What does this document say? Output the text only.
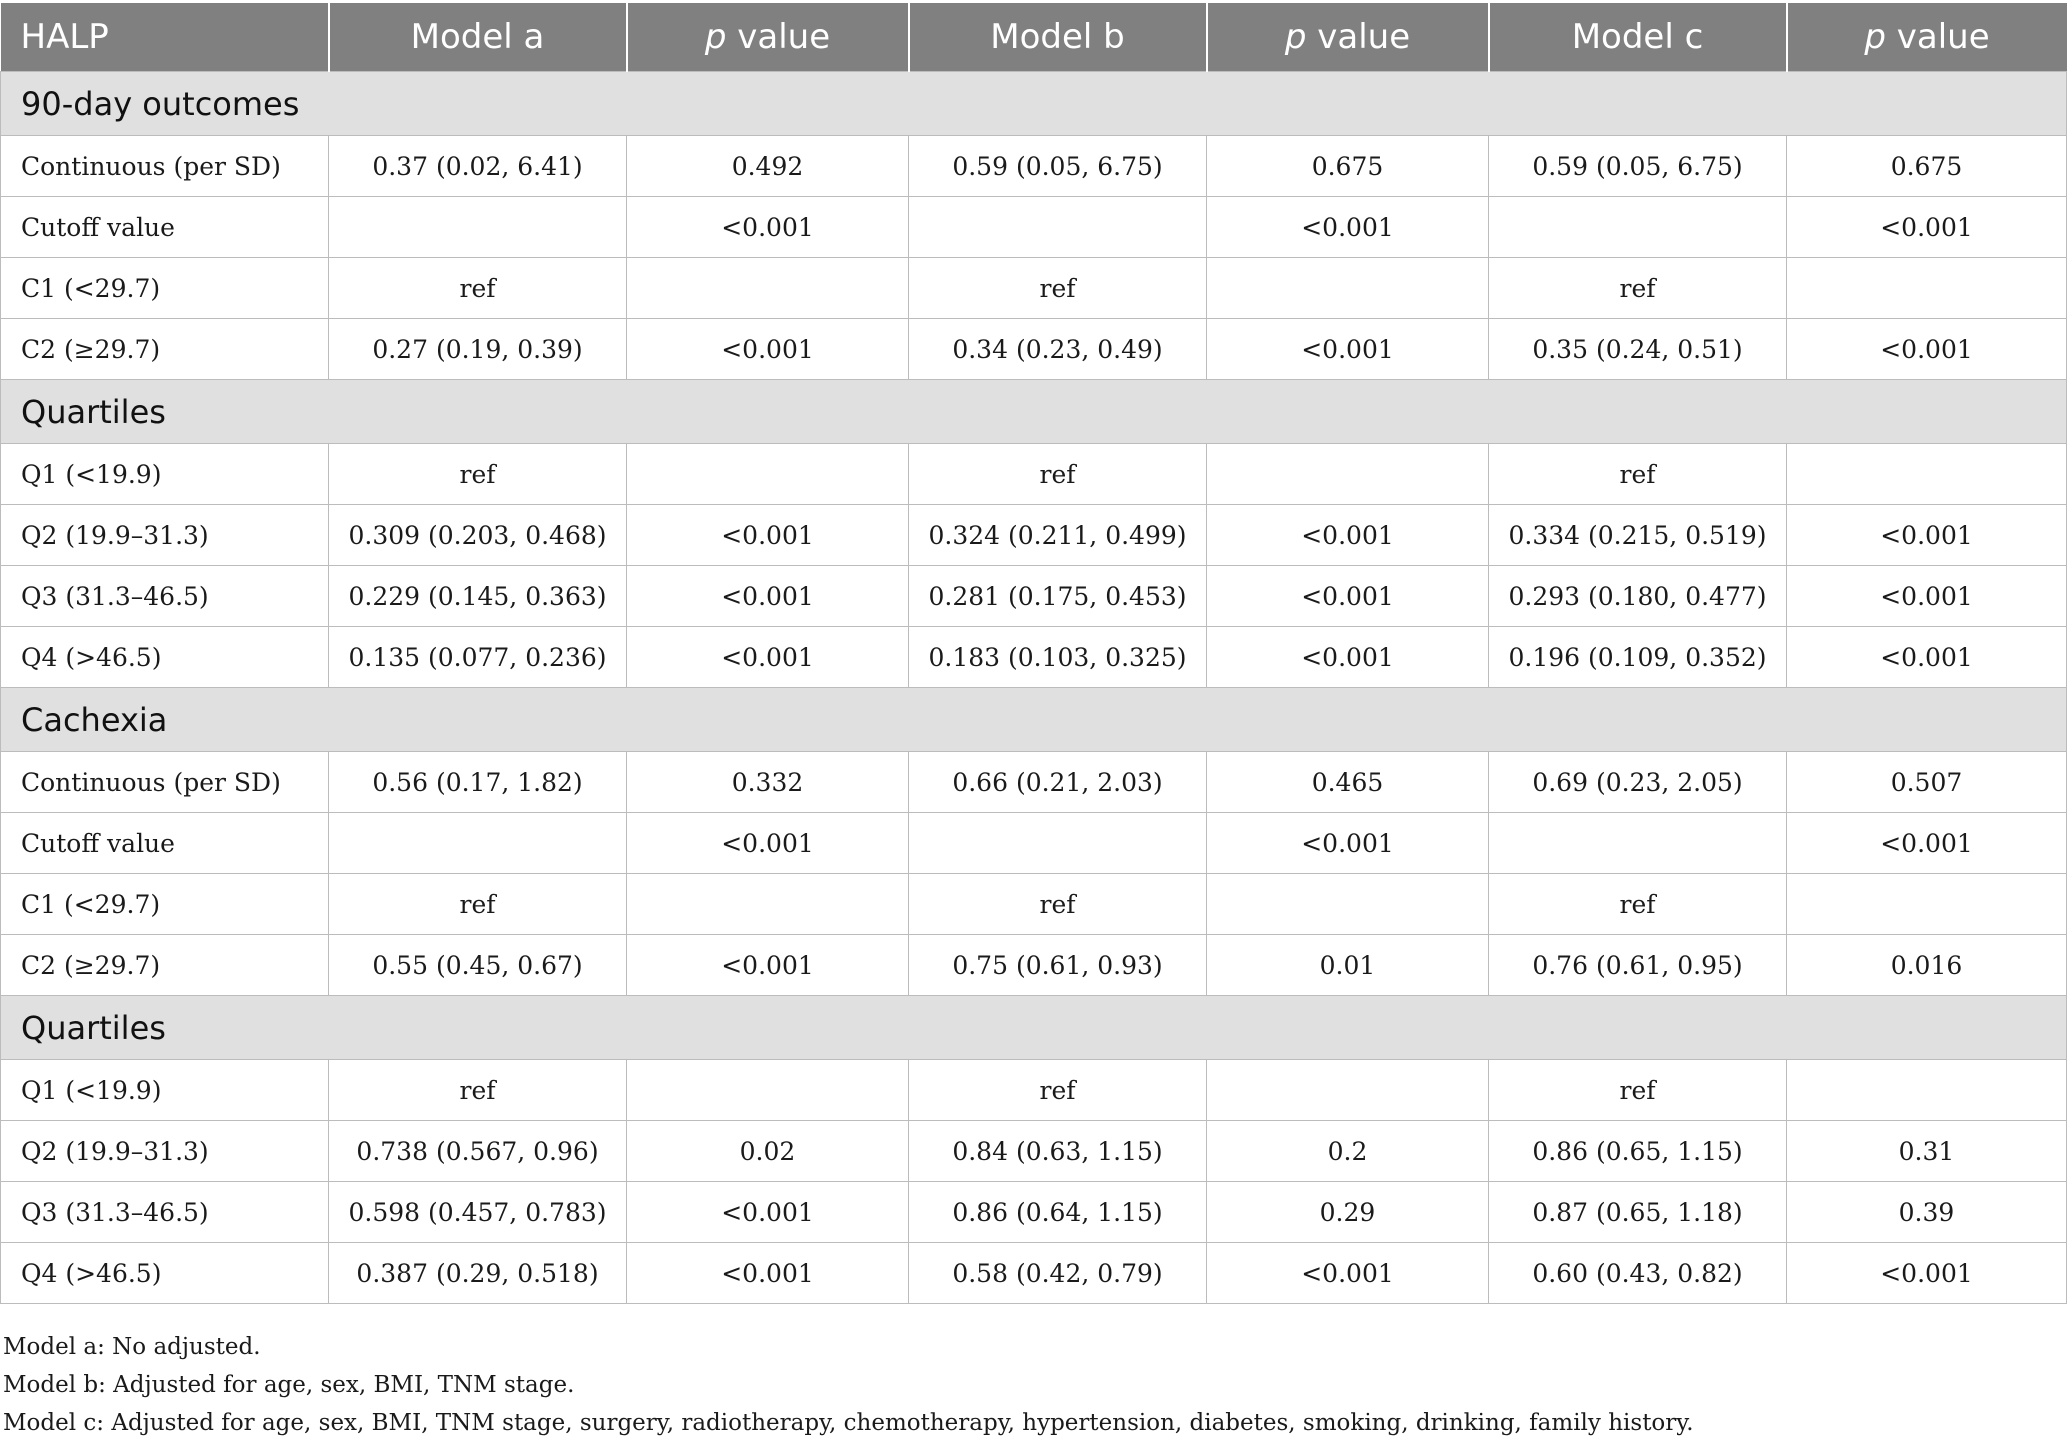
HALP	Model a	p value	Model b	p value	Model c	p value
90-day outcomes						
Continuous (per SD)	0.37 (0.02, 6.41)	0.492	0.59 (0.05, 6.75)	0.675	0.59 (0.05, 6.75)	0.675
Cutoff value		<0.001		<0.001		<0.001
C1 (<29.7)	ref		ref		ref	
C2 (≥29.7)	0.27 (0.19, 0.39)	<0.001	0.34 (0.23, 0.49)	<0.001	0.35 (0.24, 0.51)	<0.001
Quartiles						
Q1 (<19.9)	ref		ref		ref	
Q2 (19.9–31.3)	0.309 (0.203, 0.468)	<0.001	0.324 (0.211, 0.499)	<0.001	0.334 (0.215, 0.519)	<0.001
Q3 (31.3–46.5)	0.229 (0.145, 0.363)	<0.001	0.281 (0.175, 0.453)	<0.001	0.293 (0.180, 0.477)	<0.001
Q4 (>46.5)	0.135 (0.077, 0.236)	<0.001	0.183 (0.103, 0.325)	<0.001	0.196 (0.109, 0.352)	<0.001
Cachexia						
Continuous (per SD)	0.56 (0.17, 1.82)	0.332	0.66 (0.21, 2.03)	0.465	0.69 (0.23, 2.05)	0.507
Cutoff value		<0.001		<0.001		<0.001
C1 (<29.7)	ref		ref		ref	
C2 (≥29.7)	0.55 (0.45, 0.67)	<0.001	0.75 (0.61, 0.93)	0.01	0.76 (0.61, 0.95)	0.016
Quartiles						
Q1 (<19.9)	ref		ref		ref	
Q2 (19.9–31.3)	0.738 (0.567, 0.96)	0.02	0.84 (0.63, 1.15)	0.2	0.86 (0.65, 1.15)	0.31
Q3 (31.3–46.5)	0.598 (0.457, 0.783)	<0.001	0.86 (0.64, 1.15)	0.29	0.87 (0.65, 1.18)	0.39
Q4 (>46.5)	0.387 (0.29, 0.518)	<0.001	0.58 (0.42, 0.79)	<0.001	0.60 (0.43, 0.82)	<0.001
Model a: No adjusted.
Model b: Adjusted for age, sex, BMI, TNM stage.
Model c: Adjusted for age, sex, BMI, TNM stage, surgery, radiotherapy, chemotherapy, hypertension, diabetes, smoking, drinking, family history.
